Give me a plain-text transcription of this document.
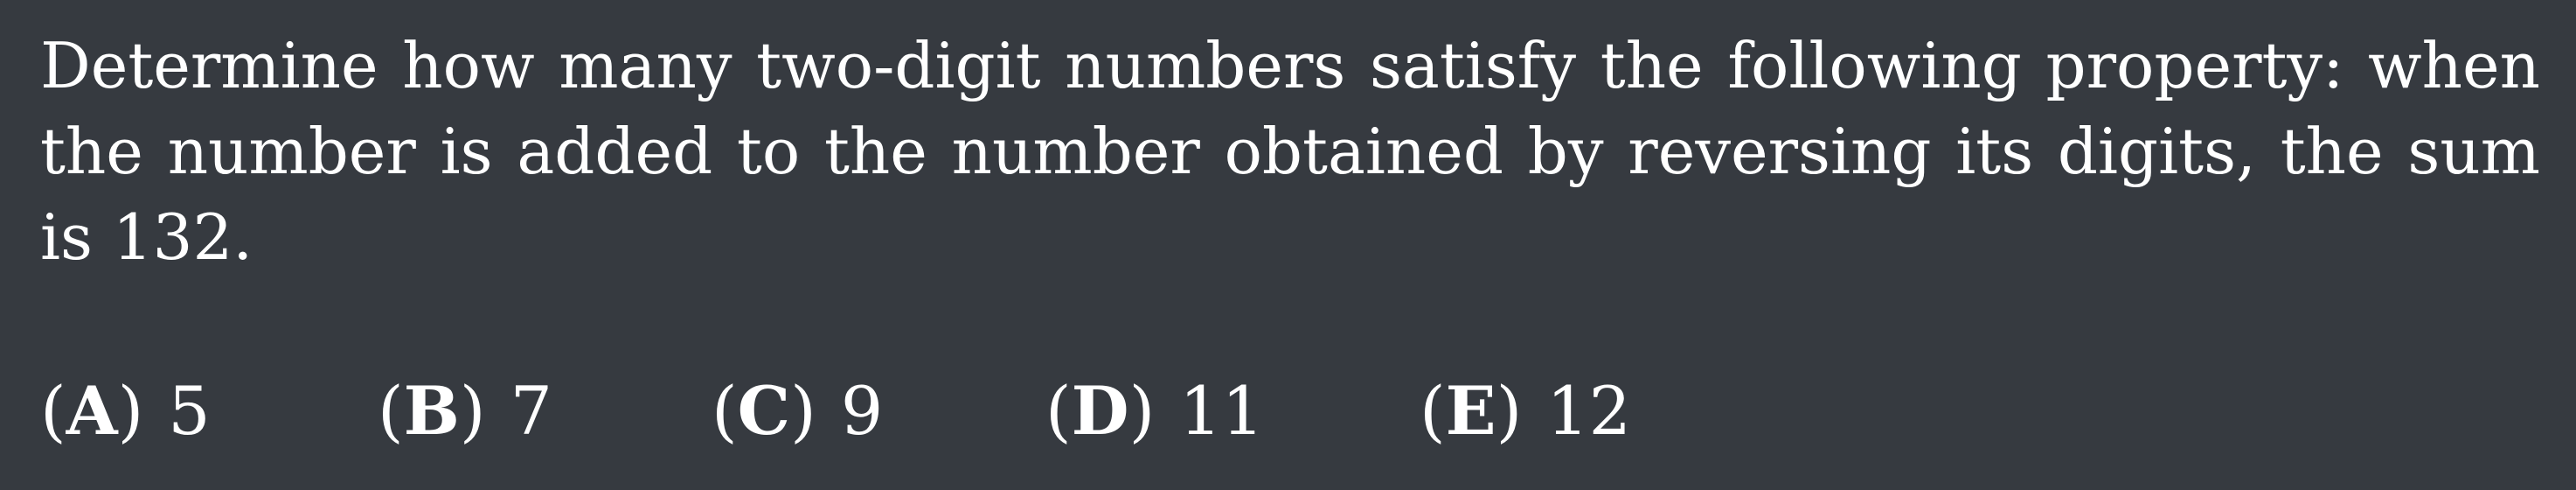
Determine how many two-digit numbers satisfy the following property: when the number is added to the number obtained by reversing its digits, the sum is 132.
(A) 5	(B) 7 (C) 9 (D) 11 (E) 12
